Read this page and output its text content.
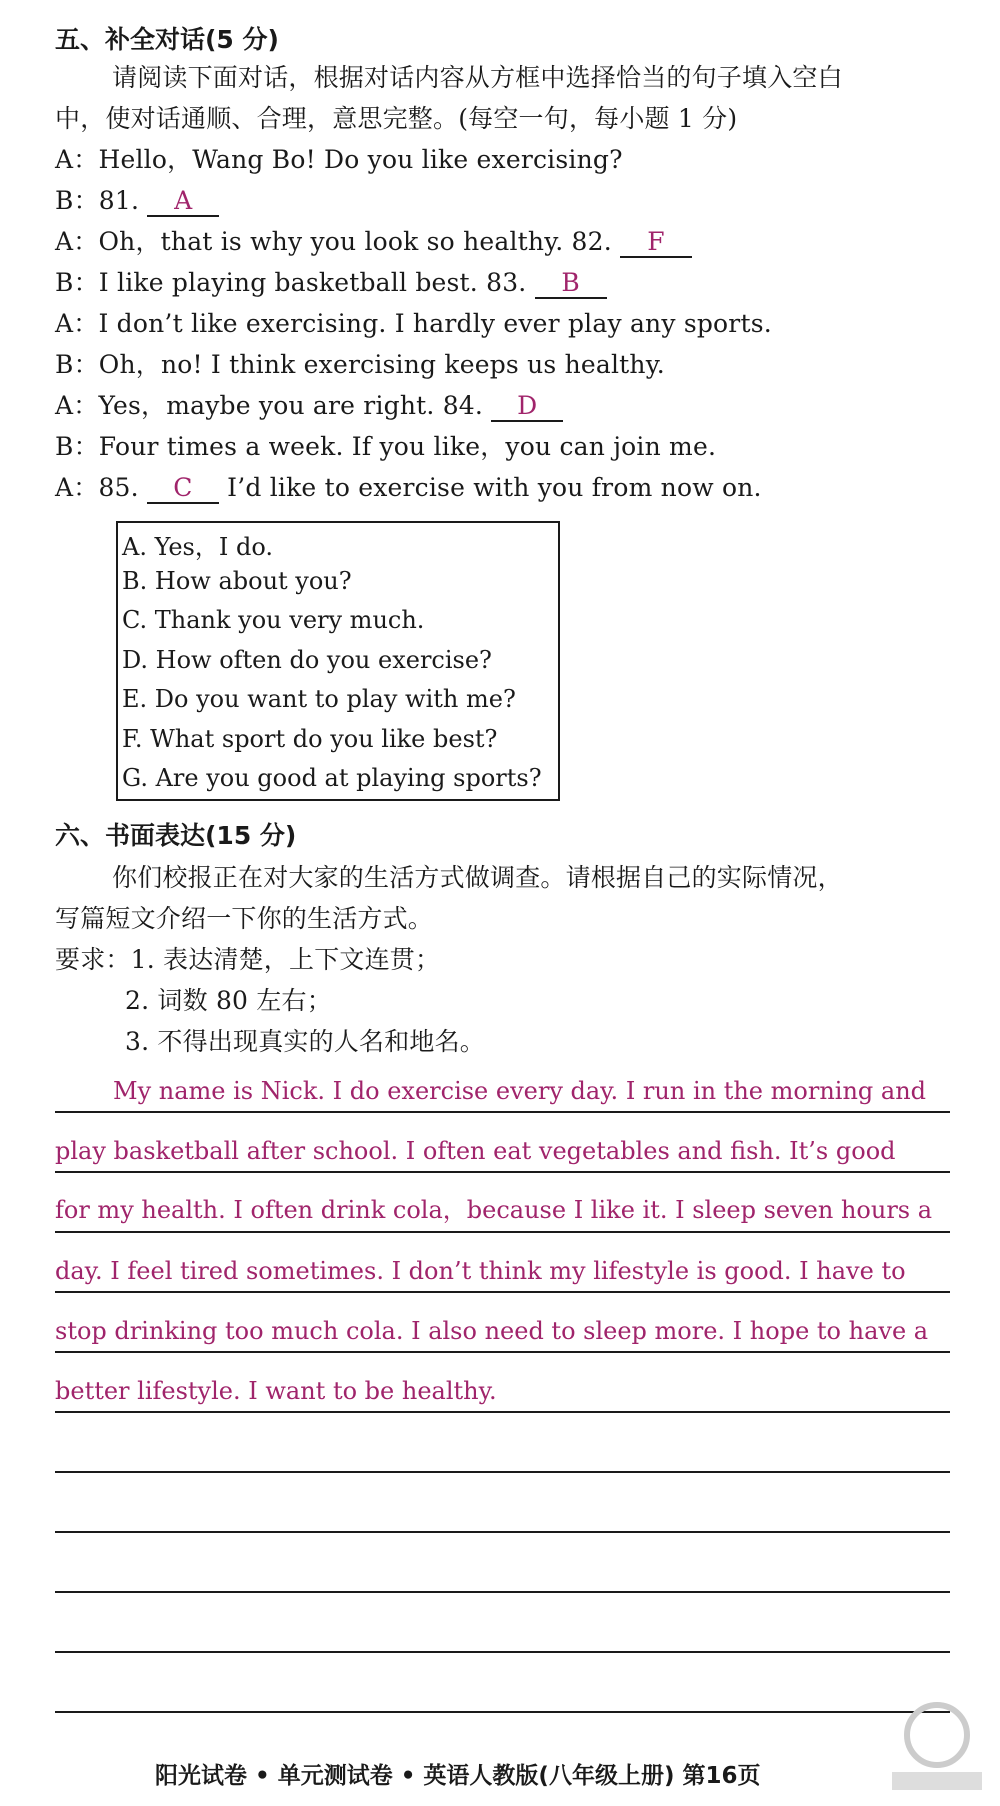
五、补全对话(5 分)
请阅读下面对话，根据对话内容从方框中选择恰当的句子填入空白
中，使对话通顺、合理，意思完整。(每空一句，每小题 1 分)
A：Hello，Wang Bo! Do you like exercising?
B：81. A
A：Oh，that is why you look so healthy. 82. F
B：I like playing basketball best. 83. B
A：I don’t like exercising. I hardly ever play any sports.
B：Oh，no! I think exercising keeps us healthy.
A：Yes，maybe you are right. 84. D
B：Four times a week. If you like，you can join me.
A：85. C I’d like to exercise with you from now on.
A. Yes，I do.
B. How about you?
C. Thank you very much.
D. How often do you exercise?
E. Do you want to play with me?
F. What sport do you like best?
G. Are you good at playing sports?
六、书面表达(15 分)
你们校报正在对大家的生活方式做调查。请根据自己的实际情况，
写篇短文介绍一下你的生活方式。
要求：1. 表达清楚，上下文连贯；
2. 词数 80 左右；
3. 不得出现真实的人名和地名。
My name is Nick. I do exercise every day. I run in the morning and
play basketball after school. I often eat vegetables and fish. It’s good
for my health. I often drink cola，because I like it. I sleep seven hours a
day. I feel tired sometimes. I don’t think my lifestyle is good. I have to
stop drinking too much cola. I also need to sleep more. I hope to have a
better lifestyle. I want to be healthy.
阳光试卷 • 单元测试卷 • 英语人教版(八年级上册) 第16页
